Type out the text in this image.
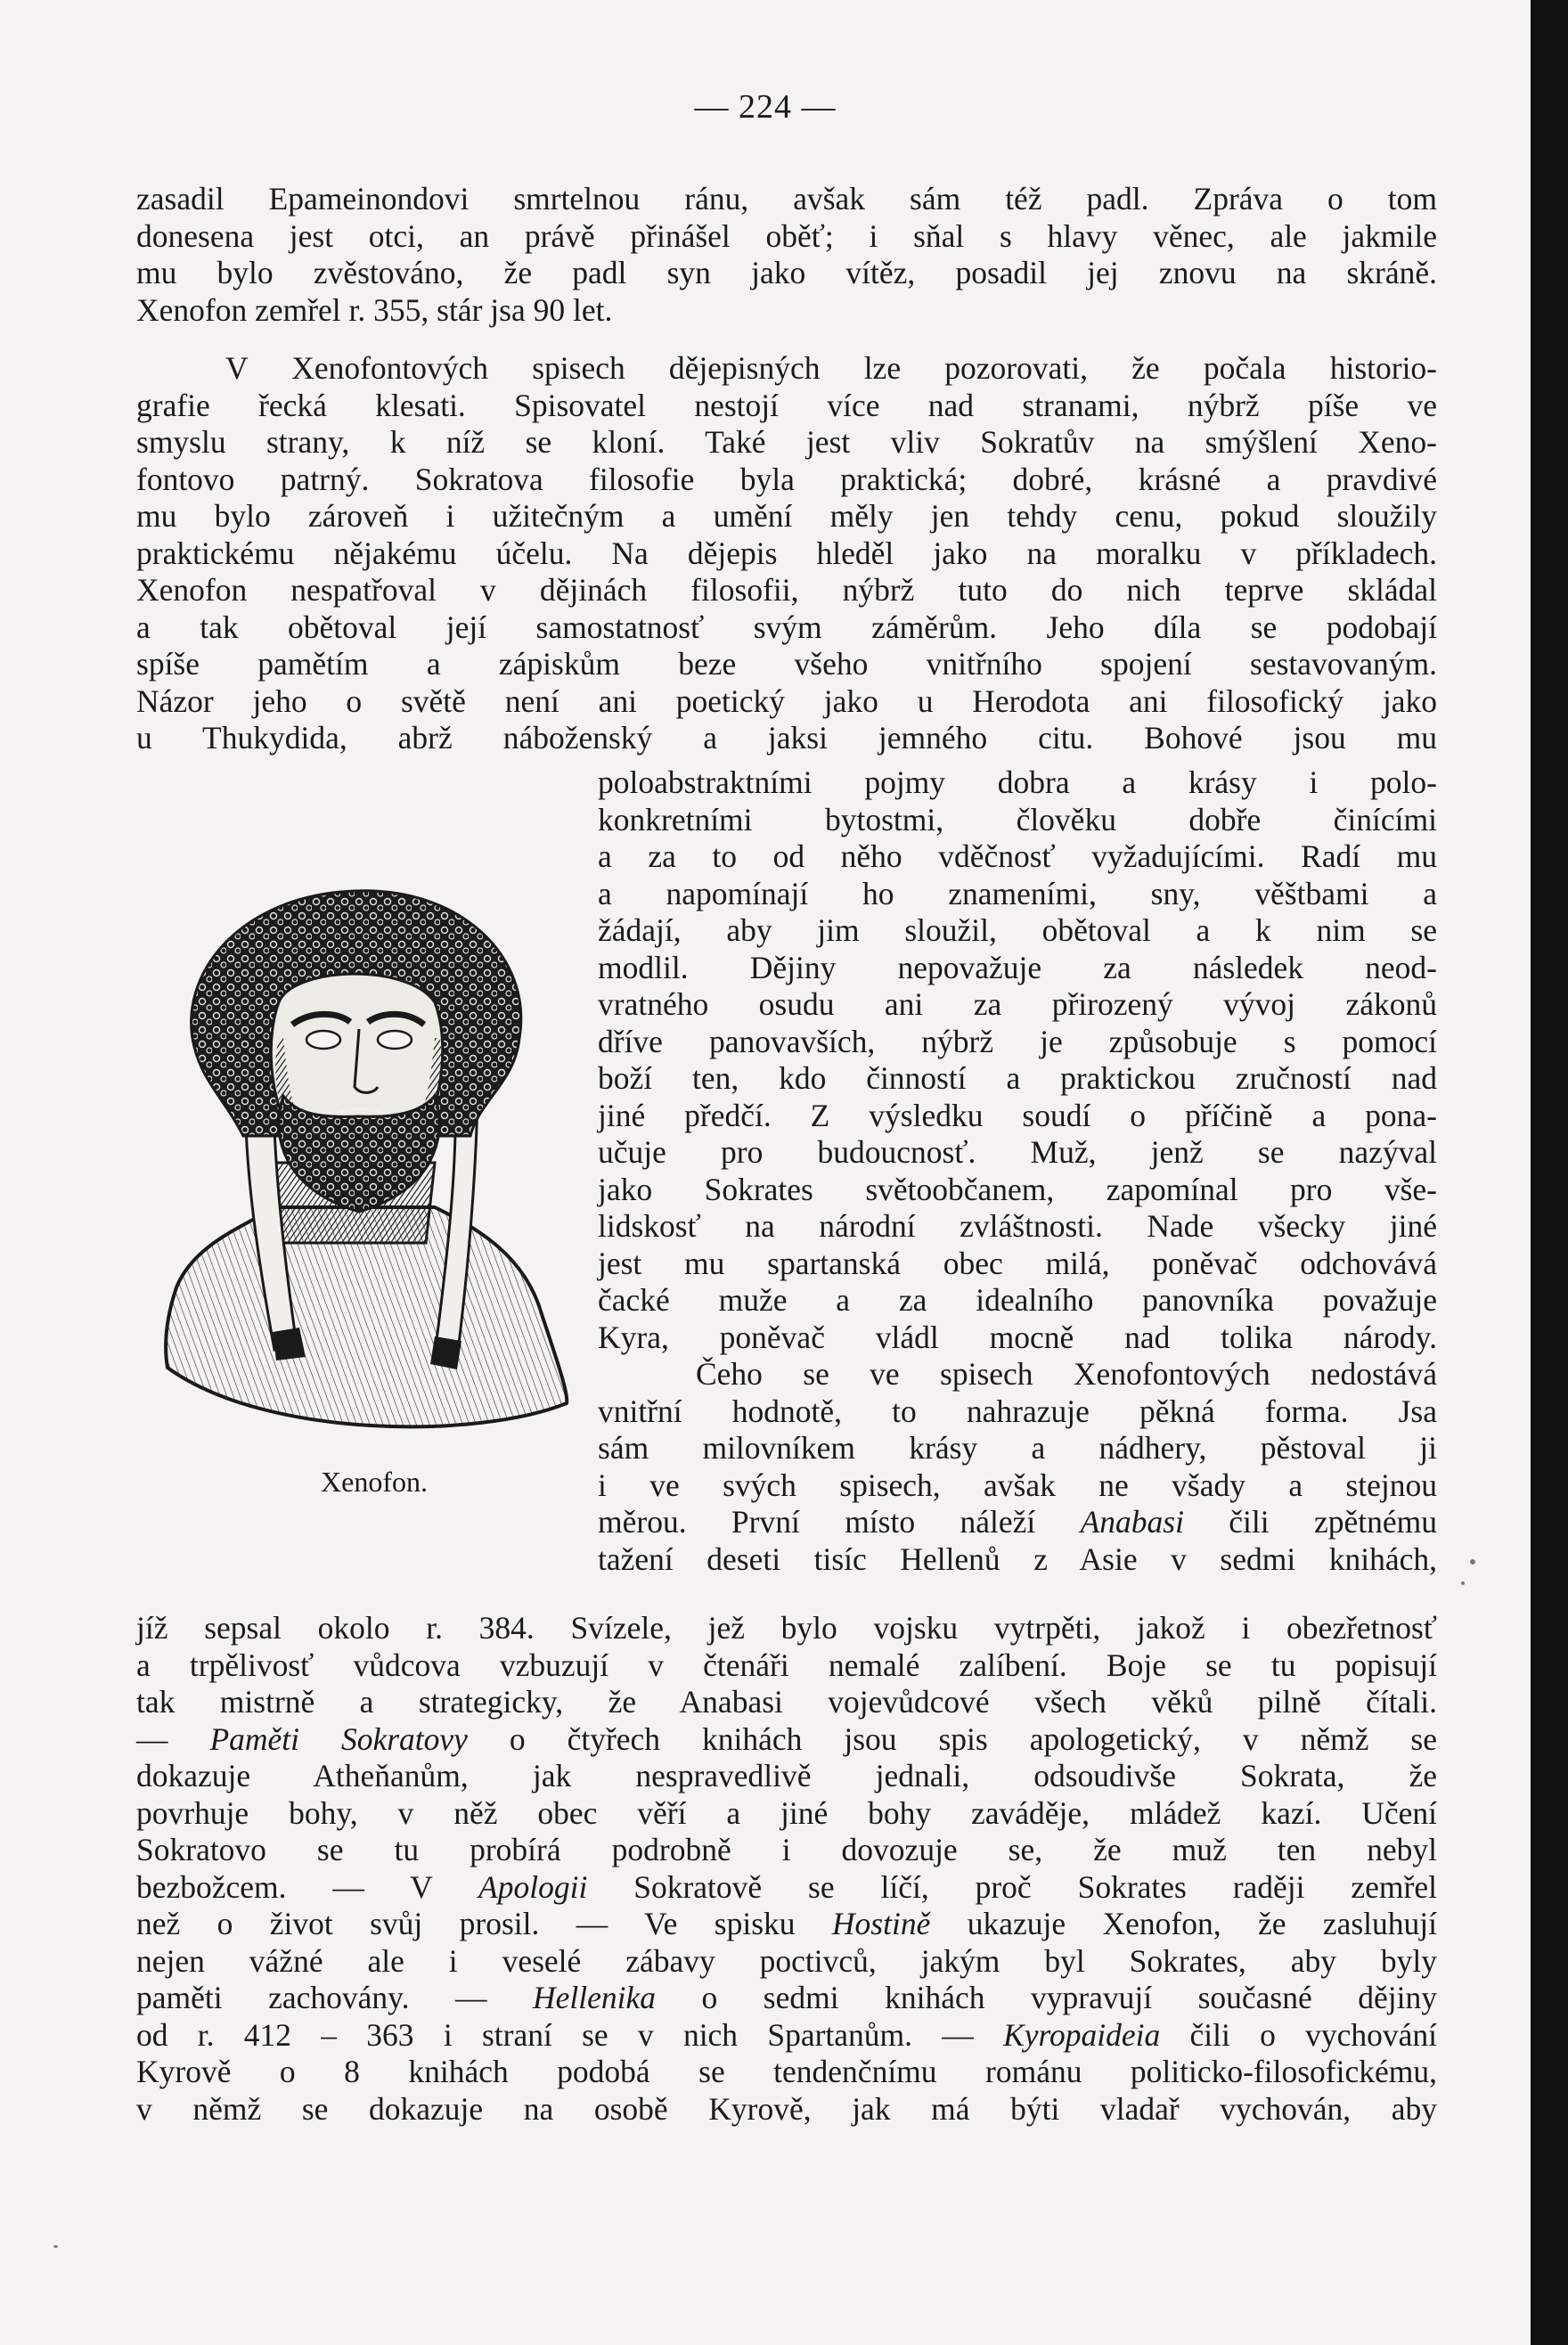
— 224 —
zasadil Epameinondovi smrtelnou ránu, avšak sám též padl. Zpráva o tom
donesena jest otci, an právě přinášel oběť; i sňal s hlavy věnec, ale jakmile
mu bylo zvěstováno, že padl syn jako vítěz, posadil jej znovu na skráně.
Xenofon zemřel r. 355, stár jsa 90 let.
V Xenofontových spisech dějepisných lze pozorovati, že počala historio-
grafie řecká klesati. Spisovatel nestojí více nad stranami, nýbrž píše ve
smyslu strany, k níž se kloní. Také jest vliv Sokratův na smýšlení Xeno-
fontovo patrný. Sokratova filosofie byla praktická; dobré, krásné a pravdivé
mu bylo zároveň i užitečným a umění měly jen tehdy cenu, pokud sloužily
praktickému nějakému účelu. Na dějepis hleděl jako na moralku v příkladech.
Xenofon nespatřoval v dějinách filosofii, nýbrž tuto do nich teprve skládal
a tak obětoval její samostatnosť svým záměrům. Jeho díla se podobají
spíše pamětím a zápiskům beze všeho vnitřního spojení sestavovaným.
Názor jeho o světě není ani poetický jako u Herodota ani filosofický jako
u Thukydida, abrž náboženský a jaksi jemného citu. Bohové jsou mu
poloabstraktními pojmy dobra a krásy i polo-
konkretními bytostmi, člověku dobře činícími
a za to od něho vděčnosť vyžadujícími. Radí mu
a napomínají ho znameními, sny, věštbami a
žádají, aby jim sloužil, obětoval a k nim se
modlil. Dějiny nepovažuje za následek neod-
vratného osudu ani za přirozený vývoj zákonů
dříve panovavších, nýbrž je způsobuje s pomocí
boží ten, kdo činností a praktickou zručností nad
jiné předčí. Z výsledku soudí o příčině a pona-
učuje pro budoucnosť. Muž, jenž se nazýval
jako Sokrates světoobčanem, zapomínal pro vše-
lidskosť na národní zvláštnosti. Nade všecky jiné
jest mu spartanská obec milá, poněvač odchovává
čacké muže a za idealního panovníka považuje
Kyra, poněvač vládl mocně nad tolika národy.
Čeho se ve spisech Xenofontových nedostává
vnitřní hodnotě, to nahrazuje pěkná forma. Jsa
sám milovníkem krásy a nádhery, pěstoval ji
i ve svých spisech, avšak ne všady a stejnou
měrou. První místo náleží Anabasi čili zpětnému
tažení deseti tisíc Hellenů z Asie v sedmi knihách,
jíž sepsal okolo r. 384. Svízele, jež bylo vojsku vytrpěti, jakož i obezřetnosť
a trpělivosť vůdcova vzbuzují v čtenáři nemalé zalíbení. Boje se tu popisují
tak mistrně a strategicky, že Anabasi vojevůdcové všech věků pilně čítali.
— Paměti Sokratovy o čtyřech knihách jsou spis apologetický, v němž se
dokazuje Atheňanům, jak nespravedlivě jednali, odsoudivše Sokrata, že
povrhuje bohy, v něž obec věří a jiné bohy zaváděje, mládež kazí. Učení
Sokratovo se tu probírá podrobně i dovozuje se, že muž ten nebyl
bezbožcem. — V Apologii Sokratově se líčí, proč Sokrates raději zemřel
než o život svůj prosil. — Ve spisku Hostině ukazuje Xenofon, že zasluhují
nejen vážné ale i veselé zábavy poctivců, jakým byl Sokrates, aby byly
paměti zachovány. — Hellenika o sedmi knihách vypravují současné dějiny
od r. 412 – 363 i straní se v nich Spartanům. — Kyropaideia čili o vychování
Kyrově o 8 knihách podobá se tendenčnímu románu politicko-filosofickému,
v němž se dokazuje na osobě Kyrově, jak má býti vladař vychován, aby
Xenofon.
